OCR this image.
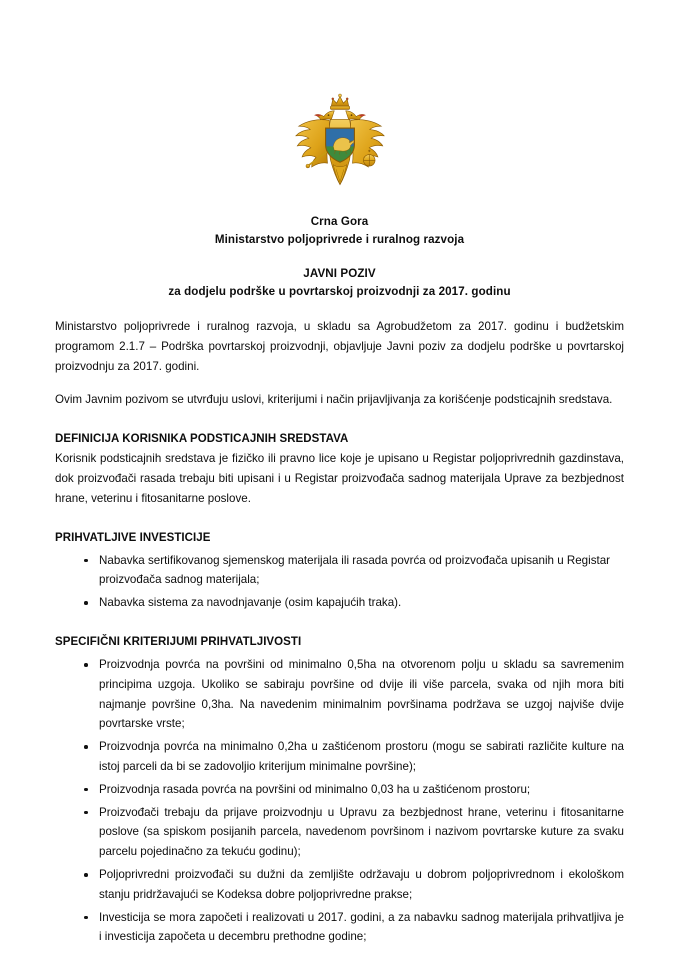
Crna Gora
Ministarstvo poljoprivrede i ruralnog razvoja
JAVNI POZIV
za dodjelu podrške u povrtarskoj proizvodnji za 2017. godinu

Ministarstvo poljoprivrede i ruralnog razvoja, u skladu sa Agrobudžetom za 2017. godinu i budžetskim programom 2.1.7 – Podrška povrtarskoj proizvodnji, objavljuje Javni poziv za dodjelu podrške u povrtarskoj proizvodnju za 2017. godini.

Ovim Javnim pozivom se utvrđuju uslovi, kriterijumi i način prijavljivanja za korišćenje podsticajnih sredstava.

DEFINICIJA KORISNIKA PODSTICAJNIH SREDSTAVA

Korisnik podsticajnih sredstava je fizičko ili pravno lice koje je upisano u Registar poljoprivrednih gazdinstava, dok proizvođači rasada trebaju biti upisani i u Registar proizvođača sadnog materijala Uprave za bezbjednost hrane, veterinu i fitosanitarne poslove.

PRIHVATLJIVE INVESTICIJE
Nabavka sertifikovanog sjemenskog materijala ili rasada povrća od proizvođača upisanih u Registar proizvođača sadnog materijala;
Nabavka sistema za navodnjavanje (osim kapajućih traka).
SPECIFIČNI KRITERIJUMI PRIHVATLJIVOSTI
Proizvodnja povrća na površini od minimalno 0,5ha na otvorenom polju u skladu sa savremenim principima uzgoja. Ukoliko se sabiraju površine od dvije ili više parcela, svaka od njih mora biti najmanje površine 0,3ha. Na navedenim minimalnim površinama podržava se uzgoj najviše dvije povrtarske vrste;
Proizvodnja povrća na minimalno 0,2ha u zaštićenom prostoru (mogu se sabirati različite kulture na istoj parceli da bi se zadovoljio kriterijum minimalne površine);
Proizvodnja rasada povrća na površini od minimalno 0,03 ha u zaštićenom prostoru;
Proizvođači trebaju da prijave proizvodnju u Upravu za bezbjednost hrane, veterinu i fitosanitarne poslove (sa spiskom posijanih parcela, navedenom površinom i nazivom povrtarske kuture za svaku parcelu pojedinačno za tekuću godinu);
Poljoprivredni proizvođači su dužni da zemljište održavaju u dobrom poljoprivrednom i ekološkom stanju pridržavajući se Kodeksa dobre poljoprivredne prakse;
Investicija se mora započeti i realizovati u 2017. godini, a za nabavku sadnog materijala prihvatljiva je i investicija započeta u decembru prethodne godine;
